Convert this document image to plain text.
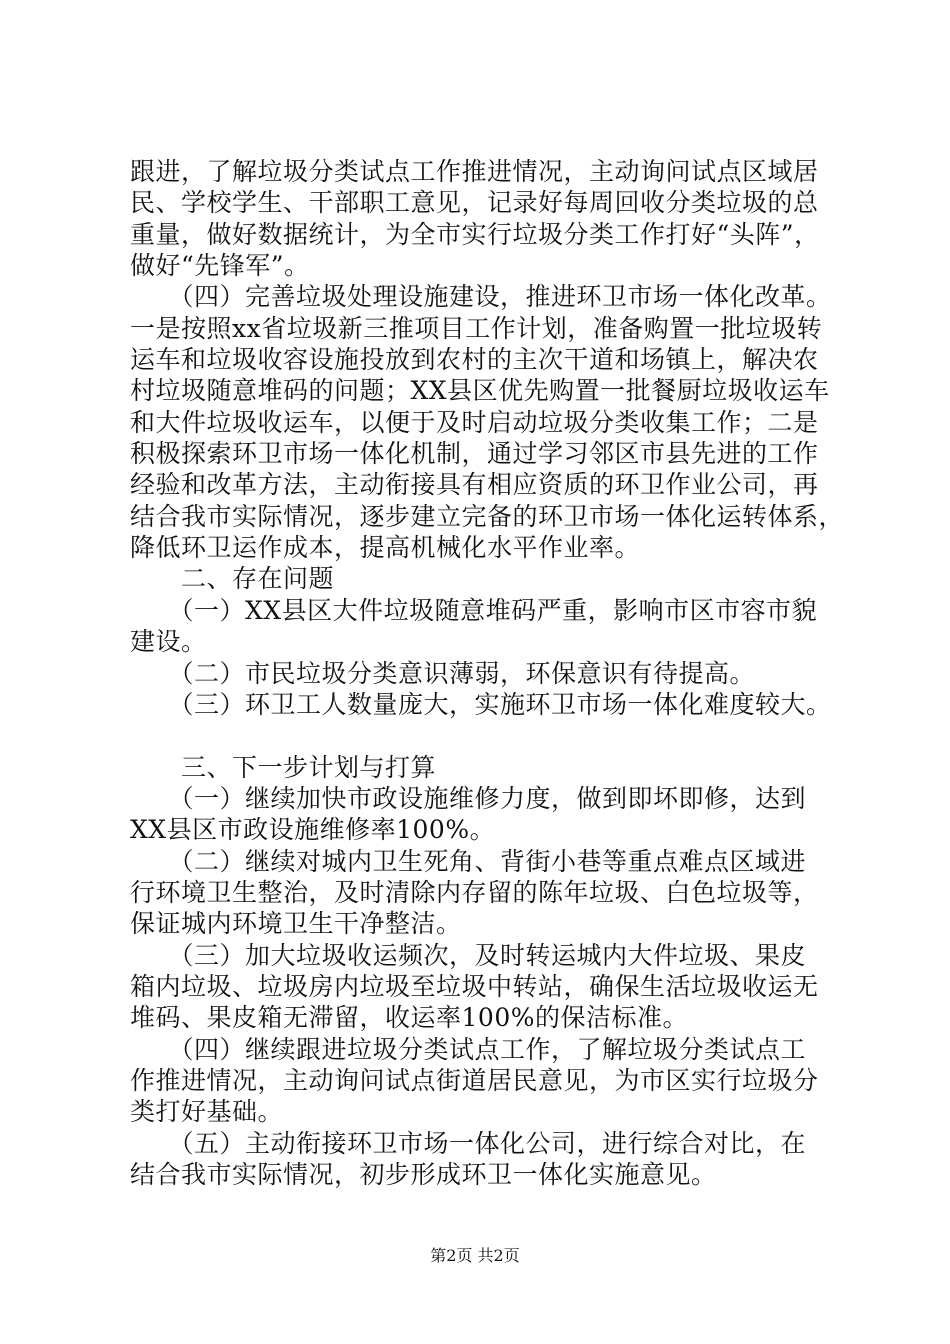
跟进，了解垃圾分类试点工作推进情况，主动询问试点区域居
民、学校学生、干部职工意见，记录好每周回收分类垃圾的总
重量，做好数据统计，为全市实行垃圾分类工作打好“头阵”，
做好“先锋军”。
　　（四）完善垃圾处理设施建设，推进环卫市场一体化改革。
一是按照xx省垃圾新三推项目工作计划，准备购置一批垃圾转
运车和垃圾收容设施投放到农村的主次干道和场镇上，解决农
村垃圾随意堆码的问题；XX县区优先购置一批餐厨垃圾收运车
和大件垃圾收运车，以便于及时启动垃圾分类收集工作；二是
积极探索环卫市场一体化机制，通过学习邻区市县先进的工作
经验和改革方法，主动衔接具有相应资质的环卫作业公司，再
结合我市实际情况，逐步建立完备的环卫市场一体化运转体系，
降低环卫运作成本，提高机械化水平作业率。
　　二、存在问题
　　（一）XX县区大件垃圾随意堆码严重，影响市区市容市貌
建设。
　　（二）市民垃圾分类意识薄弱，环保意识有待提高。
　　（三）环卫工人数量庞大，实施环卫市场一体化难度较大。
　　三、下一步计划与打算
　　（一）继续加快市政设施维修力度，做到即坏即修，达到
XX县区市政设施维修率100%。
　　（二）继续对城内卫生死角、背街小巷等重点难点区域进
行环境卫生整治，及时清除内存留的陈年垃圾、白色垃圾等，
保证城内环境卫生干净整洁。
　　（三）加大垃圾收运频次，及时转运城内大件垃圾、果皮
箱内垃圾、垃圾房内垃圾至垃圾中转站，确保生活垃圾收运无
堆码、果皮箱无滞留，收运率100%的保洁标准。
　　（四）继续跟进垃圾分类试点工作，了解垃圾分类试点工
作推进情况，主动询问试点街道居民意见，为市区实行垃圾分
类打好基础。
　　（五）主动衔接环卫市场一体化公司，进行综合对比，在
结合我市实际情况，初步形成环卫一体化实施意见。
第2页 共2页
